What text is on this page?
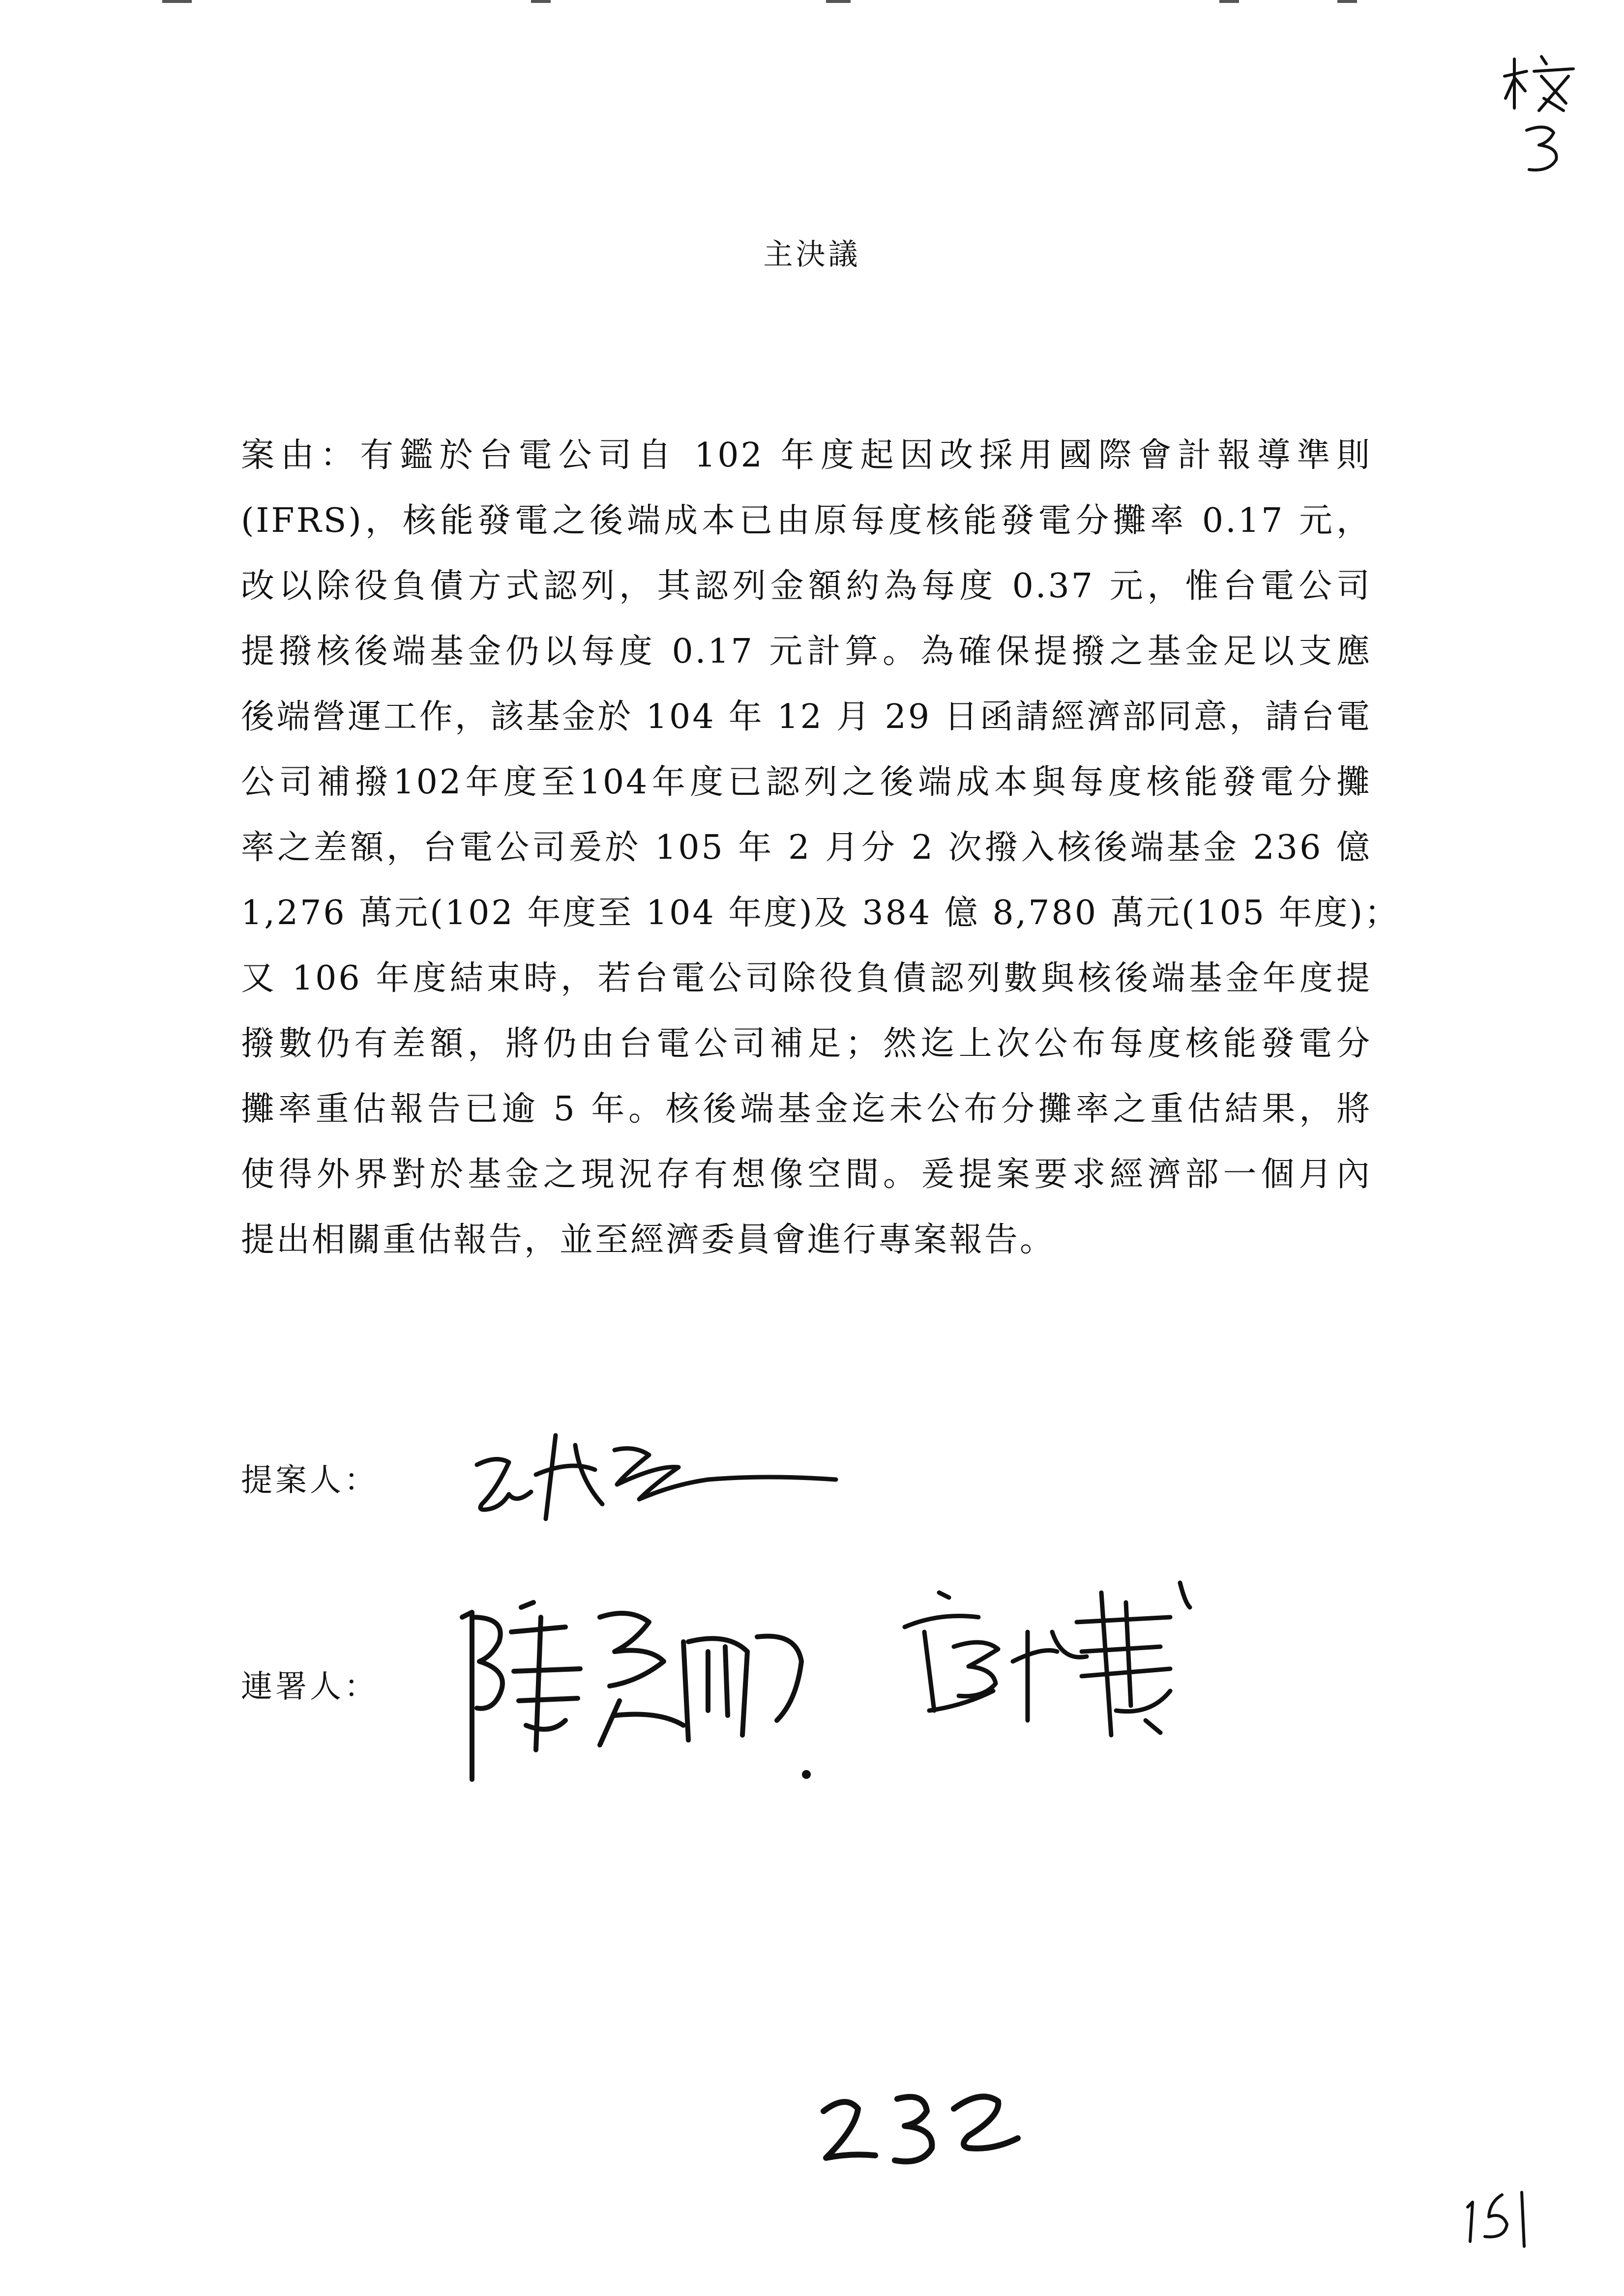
主決議
案由：有鑑於台電公司自 102 年度起因改採用國際會計報導準則
(IFRS)，核能發電之後端成本已由原每度核能發電分攤率 0.17 元，
改以除役負債方式認列，其認列金額約為每度 0.37 元，惟台電公司
提撥核後端基金仍以每度 0.17 元計算。為確保提撥之基金足以支應
後端營運工作，該基金於 104 年 12 月 29 日函請經濟部同意，請台電
公司補撥102年度至104年度已認列之後端成本與每度核能發電分攤
率之差額，台電公司爰於 105 年 2 月分 2 次撥入核後端基金 236 億
1,276 萬元(102 年度至 104 年度)及 384 億 8,780 萬元(105 年度)；
又 106 年度結束時，若台電公司除役負債認列數與核後端基金年度提
撥數仍有差額，將仍由台電公司補足；然迄上次公布每度核能發電分
攤率重估報告已逾 5 年。核後端基金迄未公布分攤率之重估結果，將
使得外界對於基金之現況存有想像空間。爰提案要求經濟部一個月內
提出相關重估報告，並至經濟委員會進行專案報告。
提案人：
連署人：
